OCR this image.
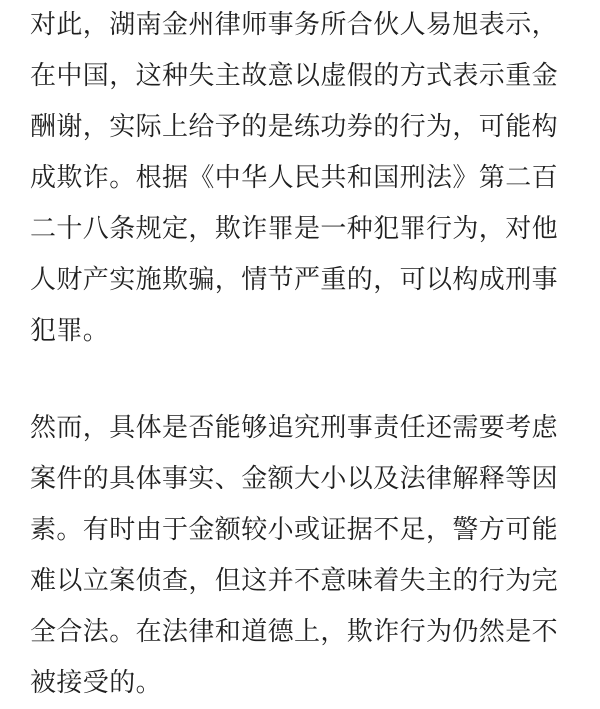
对此，湖南金州律师事务所合伙人易旭表示，
在中国，这种失主故意以虚假的方式表示重金
酬谢，实际上给予的是练功券的行为，可能构
成欺诈。根据《中华人民共和国刑法》第二百
二十八条规定，欺诈罪是一种犯罪行为，对他
人财产实施欺骗，情节严重的，可以构成刑事
犯罪。
然而，具体是否能够追究刑事责任还需要考虑
案件的具体事实、金额大小以及法律解释等因
素。有时由于金额较小或证据不足，警方可能
难以立案侦查，但这并不意味着失主的行为完
全合法。在法律和道德上，欺诈行为仍然是不
被接受的。
